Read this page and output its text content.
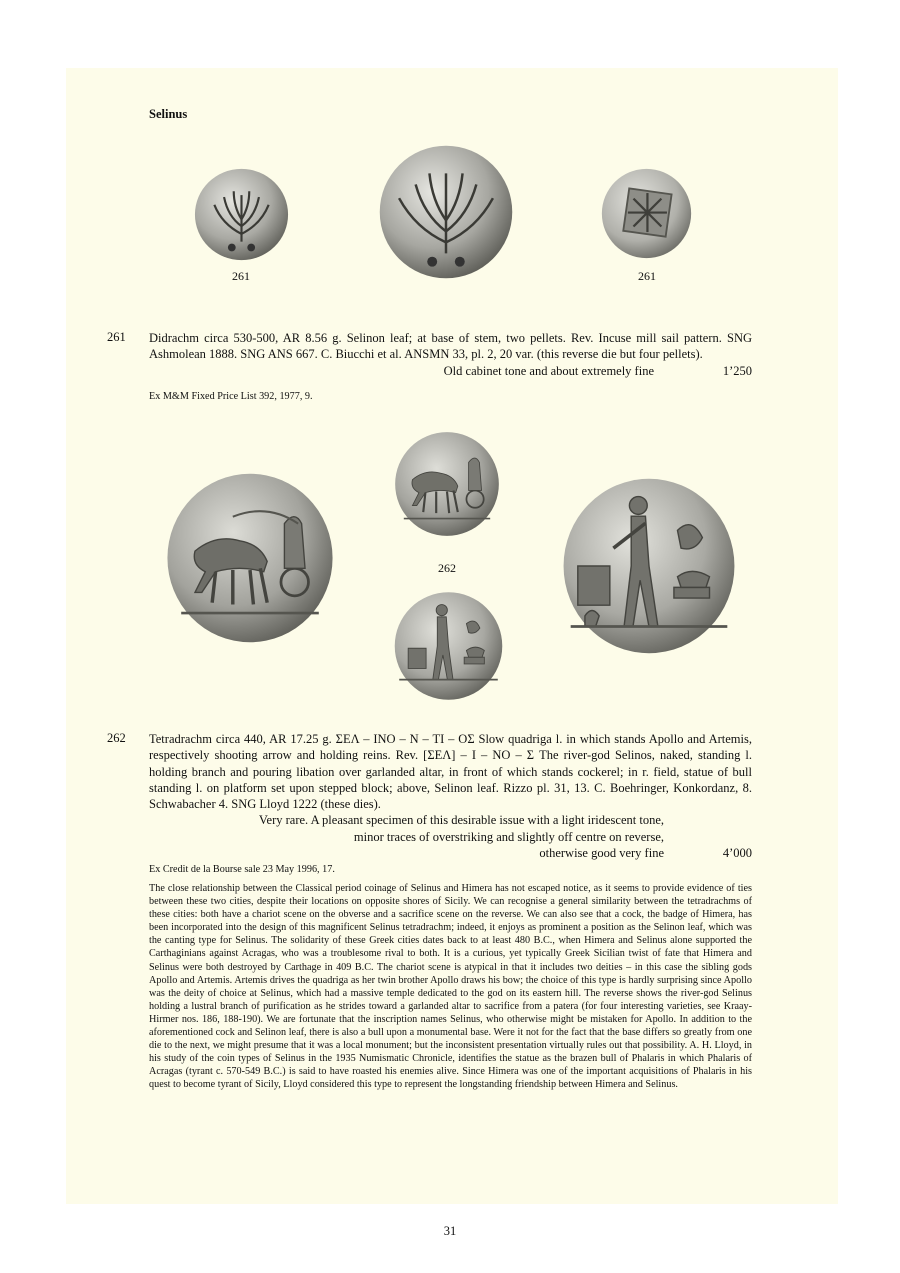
Selinus
261	261
261 Didrachm circa 530-500, AR 8.56 g. Selinon leaf; at base of stem, two pellets. Rev. Incuse mill sail pattern. SNG Ashmolean 1888. SNG ANS 667. C. Biucchi et al. ANSMN 33, pl. 2, 20 var. (this reverse die but four pellets).
Old cabinet tone and about extremely fine	1’250
Ex M&M Fixed Price List 392, 1977, 9.
262
262 Tetradrachm circa 440, AR 17.25 g. ΣΕΛ – ΙΝΟ – Ν – ΤΙ – ΟΣ Slow quadriga l. in which stands Apollo and Artemis, respectively shooting arrow and holding reins. Rev. [ΣΕΛ] – Ι – ΝΟ – Σ The river-god Selinos, naked, standing l. holding branch and pouring libation over garlanded altar, in front of which stands cockerel; in r. field, statue of bull standing l. on platform set upon stepped block; above, Selinon leaf. Rizzo pl. 31, 13. C. Boehringer, Konkordanz, 8. Schwabacher 4. SNG Lloyd 1222 (these dies).
Very rare. A pleasant specimen of this desirable issue with a light iridescent tone,
minor traces of overstriking and slightly off centre on reverse,
otherwise good very fine	4’000
Ex Credit de la Bourse sale 23 May 1996, 17.
The close relationship between the Classical period coinage of Selinus and Himera has not escaped notice, as it seems to provide evidence of ties between these two cities, despite their locations on opposite shores of Sicily. We can recognise a general similarity between the tetradrachms of these cities: both have a chariot scene on the obverse and a sacrifice scene on the reverse. We can also see that a cock, the badge of Himera, has been incorporated into the design of this magnificent Selinus tetradrachm; indeed, it enjoys as prominent a position as the Selinon leaf, which was the canting type for Selinus. The solidarity of these Greek cities dates back to at least 480 B.C., when Himera and Selinus alone supported the Carthaginians against Acragas, who was a troublesome rival to both. It is a curious, yet typically Greek Sicilian twist of fate that Himera and Selinus were both destroyed by Carthage in 409 B.C. The chariot scene is atypical in that it includes two deities – in this case the sibling gods Apollo and Artemis. Artemis drives the quadriga as her twin brother Apollo draws his bow; the choice of this type is hardly surprising since Apollo was the deity of choice at Selinus, which had a massive temple dedicated to the god on its eastern hill. The reverse shows the river-god Selinus holding a lustral branch of purification as he strides toward a garlanded altar to sacrifice from a patera (for four interesting varieties, see Kraay-Hirmer nos. 186, 188-190). We are fortunate that the inscription names Selinus, who otherwise might be mistaken for Apollo. In addition to the aforementioned cock and Selinon leaf, there is also a bull upon a monumental base. Were it not for the fact that the base differs so greatly from one die to the next, we might presume that it was a local monument; but the inconsistent presentation virtually rules out that possibility. A. H. Lloyd, in his study of the coin types of Selinus in the 1935 Numismatic Chronicle, identifies the statue as the brazen bull of Phalaris in which Phalaris of Acragas (tyrant c. 570-549 B.C.) is said to have roasted his enemies alive. Since Himera was one of the important acquisitions of Phalaris in his quest to become tyrant of Sicily, Lloyd considered this type to represent the longstanding friendship between Himera and Selinus.
31
